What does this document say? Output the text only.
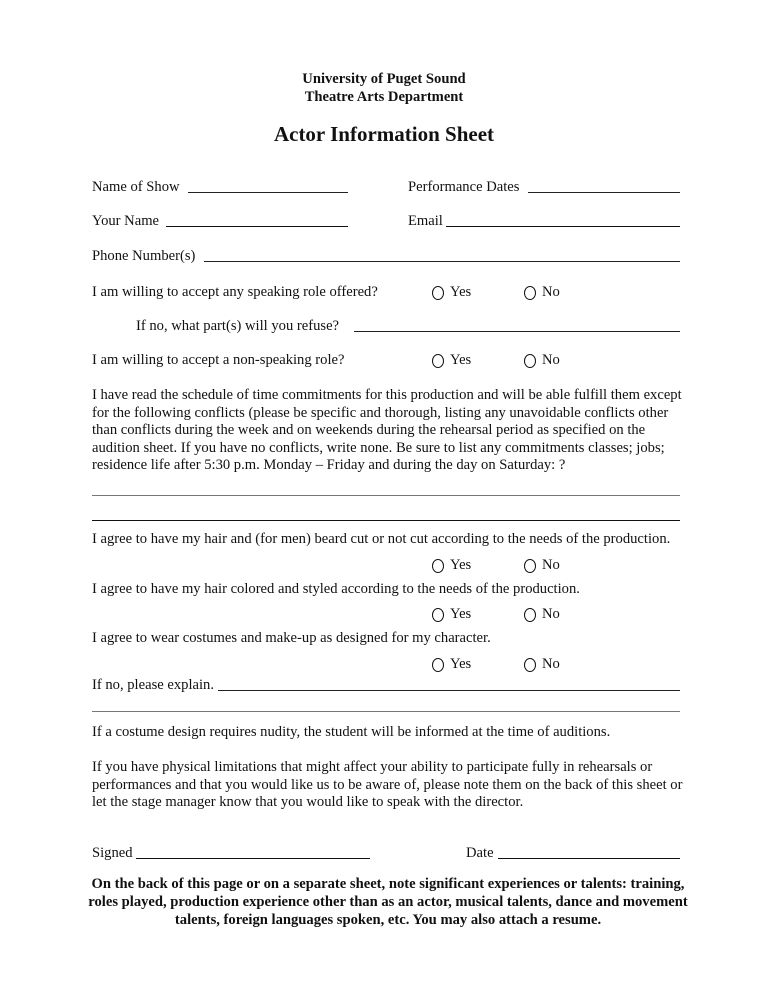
University of Puget Sound
Theatre Arts Department
Actor Information Sheet
Name of Show	Performance Dates
Your Name	Email
Phone Number(s)
I am willing to accept any speaking role offered?	Yes	No
If no, what part(s) will you refuse?
I am willing to accept a non-speaking role?	Yes	No
I have read the schedule of time commitments for this production and will be able fulfill them except for the following conflicts (please be specific and thorough, listing any unavoidable conflicts other than conflicts during the week and on weekends during the rehearsal period as specified on the audition sheet. If you have no conflicts, write none. Be sure to list any commitments classes; jobs; residence life after 5:30 p.m. Monday – Friday and during the day on Saturday: ?
I agree to have my hair and (for men) beard cut or not cut according to the needs of the production.
Yes	No
I agree to have my hair colored and styled according to the needs of the production.
Yes	No
I agree to wear costumes and make-up as designed for my character.
Yes	No
If no, please explain.
If a costume design requires nudity, the student will be informed at the time of auditions.
If you have physical limitations that might affect your ability to participate fully in rehearsals or performances and that you would like us to be aware of, please note them on the back of this sheet or let the stage manager know that you would like to speak with the director.
Signed	Date
On the back of this page or on a separate sheet, note significant experiences or talents: training, roles played, production experience other than as an actor, musical talents, dance and movement talents, foreign languages spoken, etc. You may also attach a resume.
